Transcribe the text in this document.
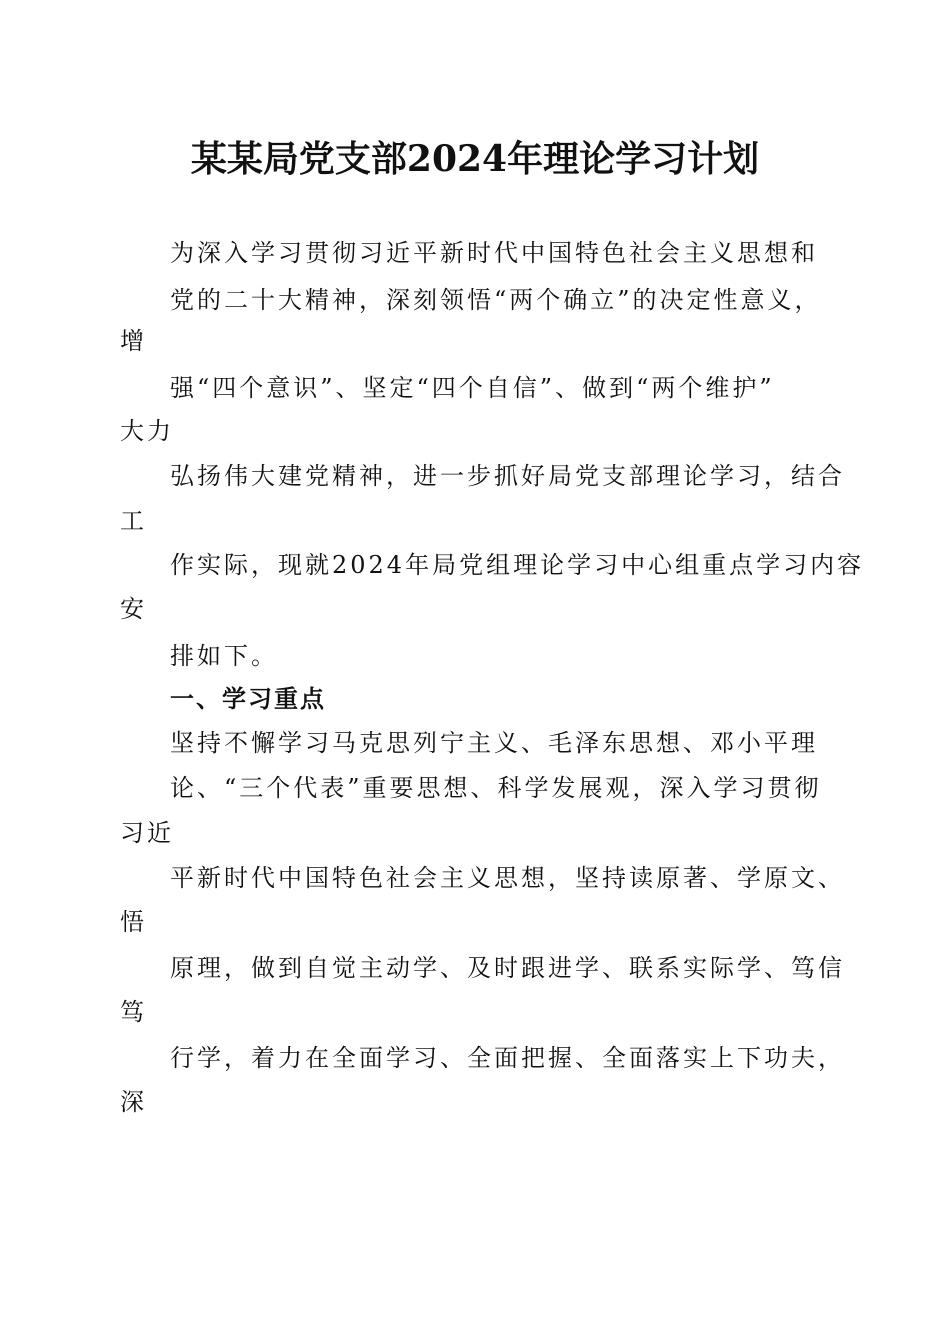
某某局党支部2024年理论学习计划
为深入学习贯彻习近平新时代中国特色社会主义思想和
党的二十大精神，深刻领悟“两个确立”的决定性意义，
增
强“四个意识”、坚定“四个自信”、做到“两个维护”
大力
弘扬伟大建党精神，进一步抓好局党支部理论学习，结合
工
作实际，现就2024年局党组理论学习中心组重点学习内容
安
排如下。
一、学习重点
坚持不懈学习马克思列宁主义、毛泽东思想、邓小平理
论、“三个代表”重要思想、科学发展观，深入学习贯彻
习近
平新时代中国特色社会主义思想，坚持读原著、学原文、
悟
原理，做到自觉主动学、及时跟进学、联系实际学、笃信
笃
行学，着力在全面学习、全面把握、全面落实上下功夫，
深
